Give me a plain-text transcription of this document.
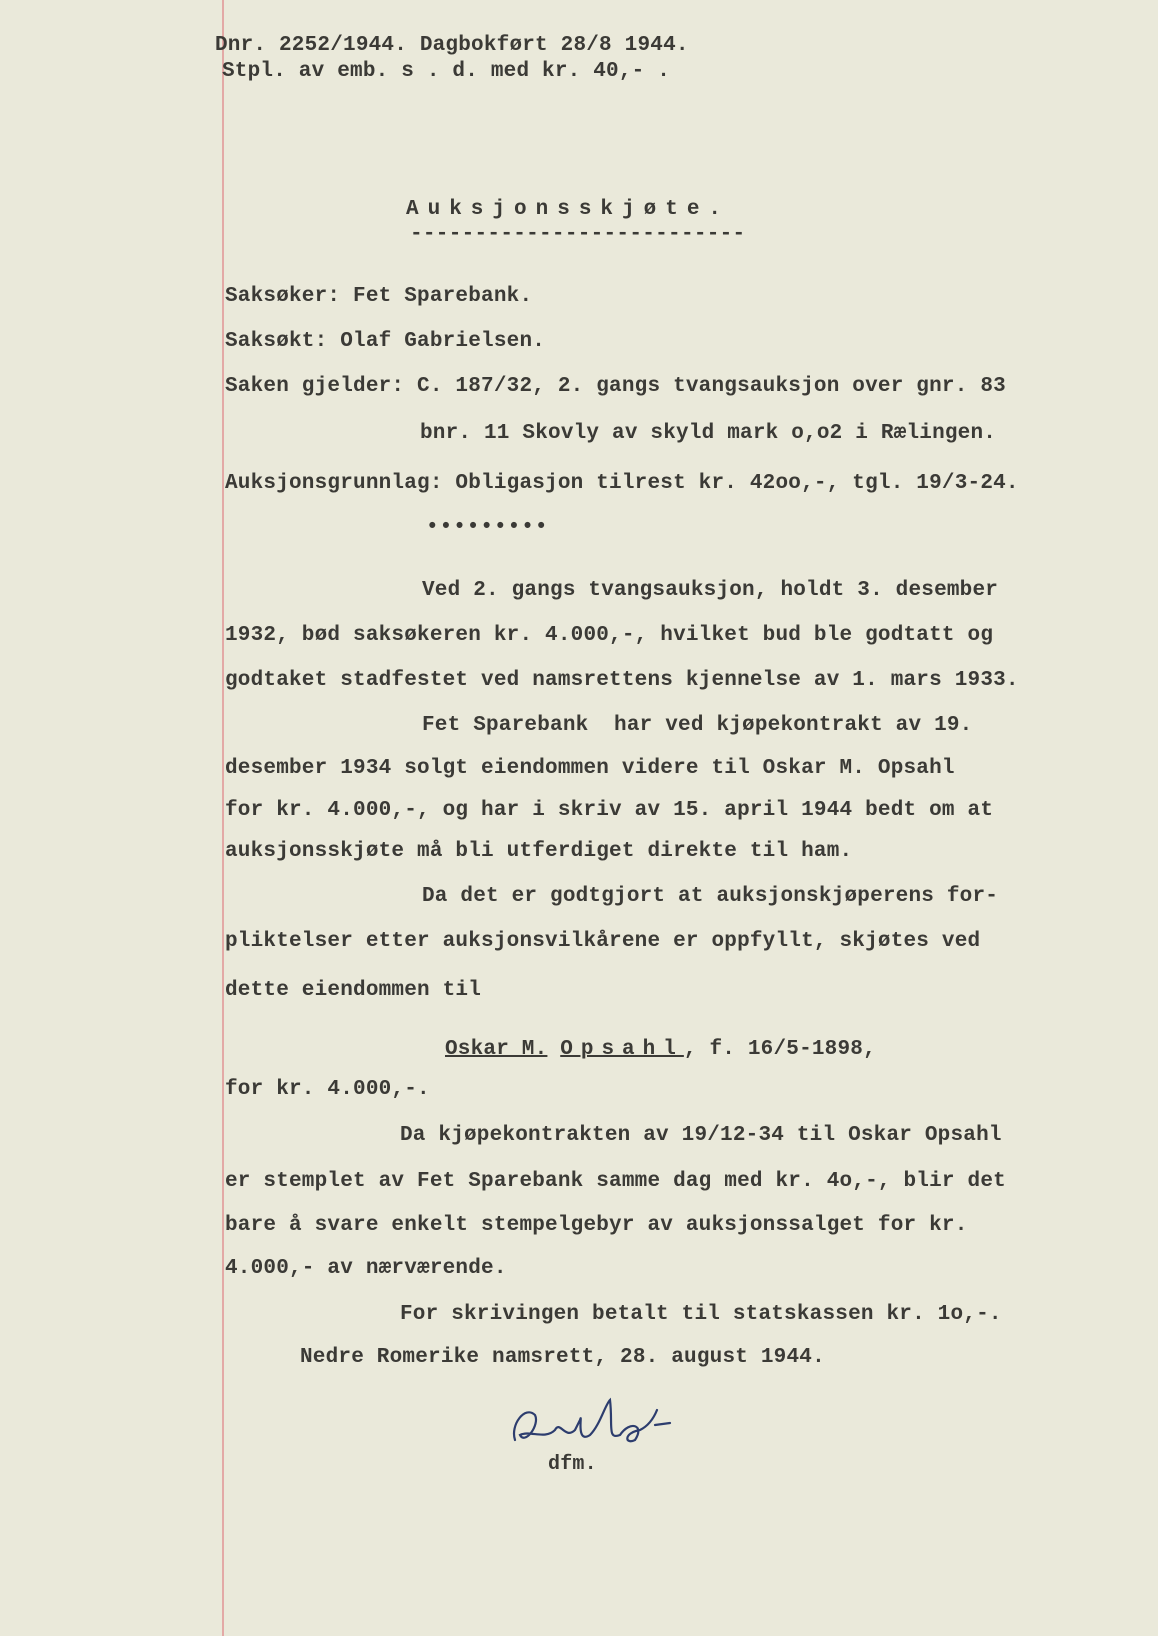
Dnr. 2252/1944. Dagbokført 28/8 1944.
Stpl. av emb. s . d. med kr. 40,- .
Auksjonsskjøte.
--------------------------
Saksøker: Fet Sparebank.
Saksøkt: Olaf Gabrielsen.
Saken gjelder: C. 187/32, 2. gangs tvangsauksjon over gnr. 83
bnr. 11 Skovly av skyld mark o,o2 i Rælingen.
Auksjonsgrunnlag: Obligasjon tilrest kr. 42oo,-, tgl. 19/3-24.
•••••••••
Ved 2. gangs tvangsauksjon, holdt 3. desember
1932, bød saksøkeren kr. 4.000,-, hvilket bud ble godtatt og
godtaket stadfestet ved namsrettens kjennelse av 1. mars 1933.
Fet Sparebank  har ved kjøpekontrakt av 19.
desember 1934 solgt eiendommen videre til Oskar M. Opsahl
for kr. 4.000,-, og har i skriv av 15. april 1944 bedt om at
auksjonsskjøte må bli utferdiget direkte til ham.
Da det er godtgjort at auksjonskjøperens for-
pliktelser etter auksjonsvilkårene er oppfyllt, skjøtes ved
dette eiendommen til
Oskar M. Opsahl, f. 16/5-1898,
for kr. 4.000,-.
Da kjøpekontrakten av 19/12-34 til Oskar Opsahl
er stemplet av Fet Sparebank samme dag med kr. 4o,-, blir det
bare å svare enkelt stempelgebyr av auksjonssalget for kr.
4.000,- av nærværende.
For skrivingen betalt til statskassen kr. 1o,-.
Nedre Romerike namsrett, 28. august 1944.
dfm.
